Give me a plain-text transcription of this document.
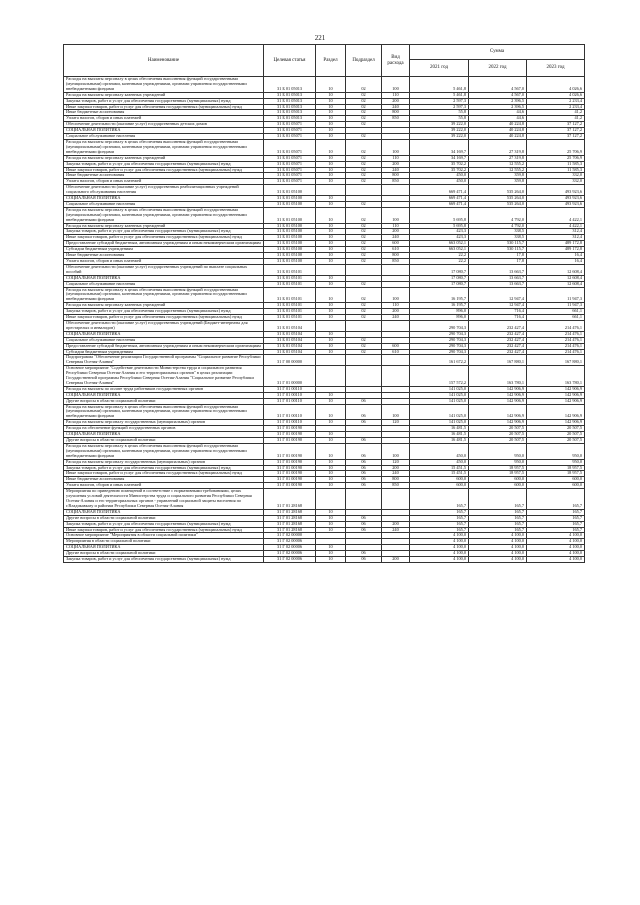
221
Наименование	Целевая статья	Раздел	Подраздел	Вид расхода	Сумма		
					2021 год	2022 год	2023 год
Расходы на выплаты персоналу в целях обеспечения выполнения функций государственными (муниципальными) органами, казенными учреждениями, органами управления государственными внебюджетными фондами	31 Б 01 05013	10	02	100	5 461,8	4 567,0	4 026,6
Расходы на выплаты персоналу казенных учреждений	31 Б 01 05013	10	02	110	5 461,8	4 567,0	4 026,6
Закупка товаров, работ и услуг для обеспечения государственных (муниципальных) нужд	31 Б 01 05013	10	02	200	2 597,3	2 396,5	2 233,4
Иные закупки товаров, работ и услуг для обеспечения государственных (муниципальных) нужд	31 Б 01 05013	10	02	240	2 597,3	2 396,5	2 233,4
Иные бюджетные ассигнования	31 Б 01 05013	10	02	800	55,8	44,6	41,2
Уплата налогов, сборов и иных платежей	31 Б 01 05013	10	02	850	55,8	44,6	41,2
Обеспечение деятельности (оказание услуг) государственных детских домов	31 Б 01 05071	10	02		39 222,0	40 224,8	37 127,2
СОЦИАЛЬНАЯ ПОЛИТИКА	31 Б 01 05071	10			39 222,0	40 224,8	37 127,2
Социальное обслуживание населения	31 Б 01 05071	10	02		39 222,0	40 224,8	37 127,2
Расходы на выплаты персоналу в целях обеспечения выполнения функций государственными (муниципальными) органами, казенными учреждениями, органами управления государственными внебюджетными фондами	31 Б 01 05071	10	02	100	34 169,7	27 319,8	25 706,9
Расходы на выплаты персоналу казенных учреждений	31 Б 01 05071	10	02	110	34 169,7	27 319,8	25 706,9
Закупка товаров, работ и услуг для обеспечения государственных (муниципальных) нужд	31 Б 01 05071	10	02	200	35 702,2	12 555,2	11 585,3
Иные закупки товаров, работ и услуг для обеспечения государственных (муниципальных) нужд	31 Б 01 05071	10	02	240	35 702,2	12 555,2	11 585,3
Иные бюджетные ассигнования	31 Б 01 05071	10	02	800	450,0	359,8	332,0
Уплата налогов, сборов и иных платежей	31 Б 01 05071	10	02	850	450,0	359,8	332,0
Обеспечение деятельности (оказание услуг) государственных реабилитационных учреждений социального обслуживания населения	31 Б 01 05100				669 471,4	535 264,0	493 923,6
СОЦИАЛЬНАЯ ПОЛИТИКА	31 Б 01 05100	10			669 471,4	535 264,0	493 923,6
Социальное обслуживание населения	31 Б 01 05100	10	02		669 471,4	535 264,0	493 923,6
Расходы на выплаты персоналу в целях обеспечения выполнения функций государственными (муниципальными) органами, казенными учреждениями, органами управления государственными внебюджетными фондами	31 Б 01 05100	10	02	100	5 695,8	4 792,0	4 422,1
Расходы на выплаты персоналу казенных учреждений	31 Б 01 05100	10	02	110	5 695,8	4 792,0	4 422,1
Закупка товаров, работ и услуг для обеспечения государственных (муниципальных) нужд	31 Б 01 05100	10	02	200	423,3	338,5	312,4
Иные закупки товаров, работ и услуг для обеспечения государственных (муниципальных) нужд	31 Б 01 05100	10	02	240	423,3	338,5	312,4
Предоставление субсидий бюджетным, автономным учреждениям и иным некоммерческим организациям	31 Б 01 05100	10	02	600	663 052,1	530 115,7	489 172,8
Субсидии бюджетным учреждениям	31 Б 01 05100	10	02	610	663 052,1	530 115,7	489 172,8
Иные бюджетные ассигнования	31 Б 01 05100	10	02	800	22,2	17,8	16,4
Уплата налогов, сборов и иных платежей	31 Б 01 05100	10	02	850	22,2	17,8	16,4
Обеспечение деятельности (оказание услуг) государственных учреждений по выплате социальных пособий	31 Б 01 05101				17 080,7	13 663,7	12 608,4
СОЦИАЛЬНАЯ ПОЛИТИКА	31 Б 01 05101	10			17 080,7	13 663,7	12 608,4
Социальное обслуживание населения	31 Б 01 05101	10	02		17 080,7	13 663,7	12 608,4
Расходы на выплаты персоналу в целях обеспечения выполнения функций государственными (муниципальными) органами, казенными учреждениями, органами управления государственными внебюджетными фондами	31 Б 01 05101	10	02	100	16 195,7	12 947,4	11 947,3
Расходы на выплаты персоналу казенных учреждений	31 Б 01 05101	10	02	110	16 195,7	12 947,4	11 947,3
Закупка товаров, работ и услуг для обеспечения государственных (муниципальных) нужд	31 Б 01 05101	10	02	200	896,0	716,4	661,1
Иные закупки товаров, работ и услуг для обеспечения государственных (муниципальных) нужд	31 Б 01 05101	10	02	240	896,0	716,4	661,1
Обеспечение деятельности (оказание услуг) государственных учреждений (Бюджет-интернаты для престарелых и инвалидов)	31 Б 01 05104				290 704,3	232 427,4	214 476,1
СОЦИАЛЬНАЯ ПОЛИТИКА	31 Б 01 05104	10			290 704,3	232 427,4	214 476,1
Социальное обслуживание населения	31 Б 01 05104	10	02		290 704,3	232 427,4	214 476,1
Предоставление субсидий бюджетным, автономным учреждениям и иным некоммерческим организациям	31 Б 01 05104	10	02	600	290 704,3	232 427,4	214 476,1
Субсидии бюджетным учреждениям	31 Б 01 05104	10	02	610	290 704,3	232 427,4	214 476,1
Подпрограмма "Обеспечение реализации Государственной программы "Социальное развитие Республики Северная Осетия-Алания"	31 Г 00 00000				161 672,2	167 880,1	167 880,1
Основное мероприятие "Содействие деятельности Министерства труда и социального развития Республики Северная Осетия-Алания и его территориальных органов" в целях реализации Государственной программы Республики Северная Осетия-Алания "Социальное развитие Республики Северная Осетия-Алания"	31 Г 01 00000				157 572,2	163 780,1	163 780,1
Расходы на выплаты по оплате труда работников государственных органов	31 Г 01 00110				141 025,0	142 906,9	142 906,9
СОЦИАЛЬНАЯ ПОЛИТИКА	31 Г 01 00110	10			141 025,0	142 906,9	142 906,9
Другие вопросы в области социальной политики	31 Г 01 00110	10	06		141 025,0	142 906,9	142 906,9
Расходы на выплаты персоналу в целях обеспечения выполнения функций государственными (муниципальными) органами, казенными учреждениями, органами управления государственными внебюджетными фондами	31 Г 01 00110	10	06	100	141 025,0	142 906,9	142 906,9
Расходы на выплаты персоналу государственных (муниципальных) органов	31 Г 01 00110	10	06	120	141 025,0	142 906,9	142 906,9
Расходы на обеспечение функций государственных органов	31 Г 01 00190				16 481,5	20 507,5	20 507,5
СОЦИАЛЬНАЯ ПОЛИТИКА	31 Г 01 00190	10			16 481,5	20 507,5	20 507,5
Другие вопросы в области социальной политики	31 Г 01 00190	10	06		16 481,5	20 507,5	20 507,5
Расходы на выплаты персоналу в целях обеспечения выполнения функций государственными (муниципальными) органами, казенными учреждениями, органами управления государственными внебюджетными фондами	31 Г 01 00190	10	06	100	450,0	950,0	950,0
Расходы на выплаты персоналу государственных (муниципальных) органов	31 Г 01 00190	10	06	120	450,0	950,0	950,0
Закупка товаров, работ и услуг для обеспечения государственных (муниципальных) нужд	31 Г 01 00190	10	06	200	15 451,5	18 957,5	18 957,5
Иные закупки товаров, работ и услуг для обеспечения государственных (муниципальных) нужд	31 Г 01 00190	10	06	240	15 451,5	18 957,5	18 957,5
Иные бюджетные ассигнования	31 Г 01 00190	10	06	800	600,0	600,0	600,0
Уплата налогов, сборов и иных платежей	31 Г 01 00190	10	06	850	600,0	600,0	600,0
Мероприятия по приведению помещений в соответствие с нормативными требованиями, целях улучшения условий деятельности Министерства труда и социального развития Республики Северная Осетия-Алания и его территориальных органов - управлений социальной защиты населения по г.Владикавказу и районам Республики Северная Осетия-Алания	31 Г 01 28168				165,7	165,7	165,7
СОЦИАЛЬНАЯ ПОЛИТИКА	31 Г 01 28168	10			165,7	165,7	165,7
Другие вопросы в области социальной политики	31 Г 01 28168	10	06		165,7	165,7	165,7
Закупка товаров, работ и услуг для обеспечения государственных (муниципальных) нужд	31 Г 01 28168	10	06	200	165,7	165,7	165,7
Иные закупки товаров, работ и услуг для обеспечения государственных (муниципальных) нужд	31 Г 01 28168	10	06	240	165,7	165,7	165,7
Основное мероприятие "Мероприятия в области социальной политики"	31 Г 02 00000				4 100,0	4 100,0	4 100,0
Мероприятия в области социальной политики	31 Г 02 00006				4 100,0	4 100,0	4 100,0
СОЦИАЛЬНАЯ ПОЛИТИКА	31 Г 02 00006	10			4 100,0	4 100,0	4 100,0
Другие вопросы в области социальной политики	31 Г 02 00006	10	06		4 100,0	4 100,0	4 100,0
Закупка товаров, работ и услуг для обеспечения государственных (муниципальных) нужд	31 Г 02 00006	10	06	200	4 100,0	4 100,0	4 100,0
